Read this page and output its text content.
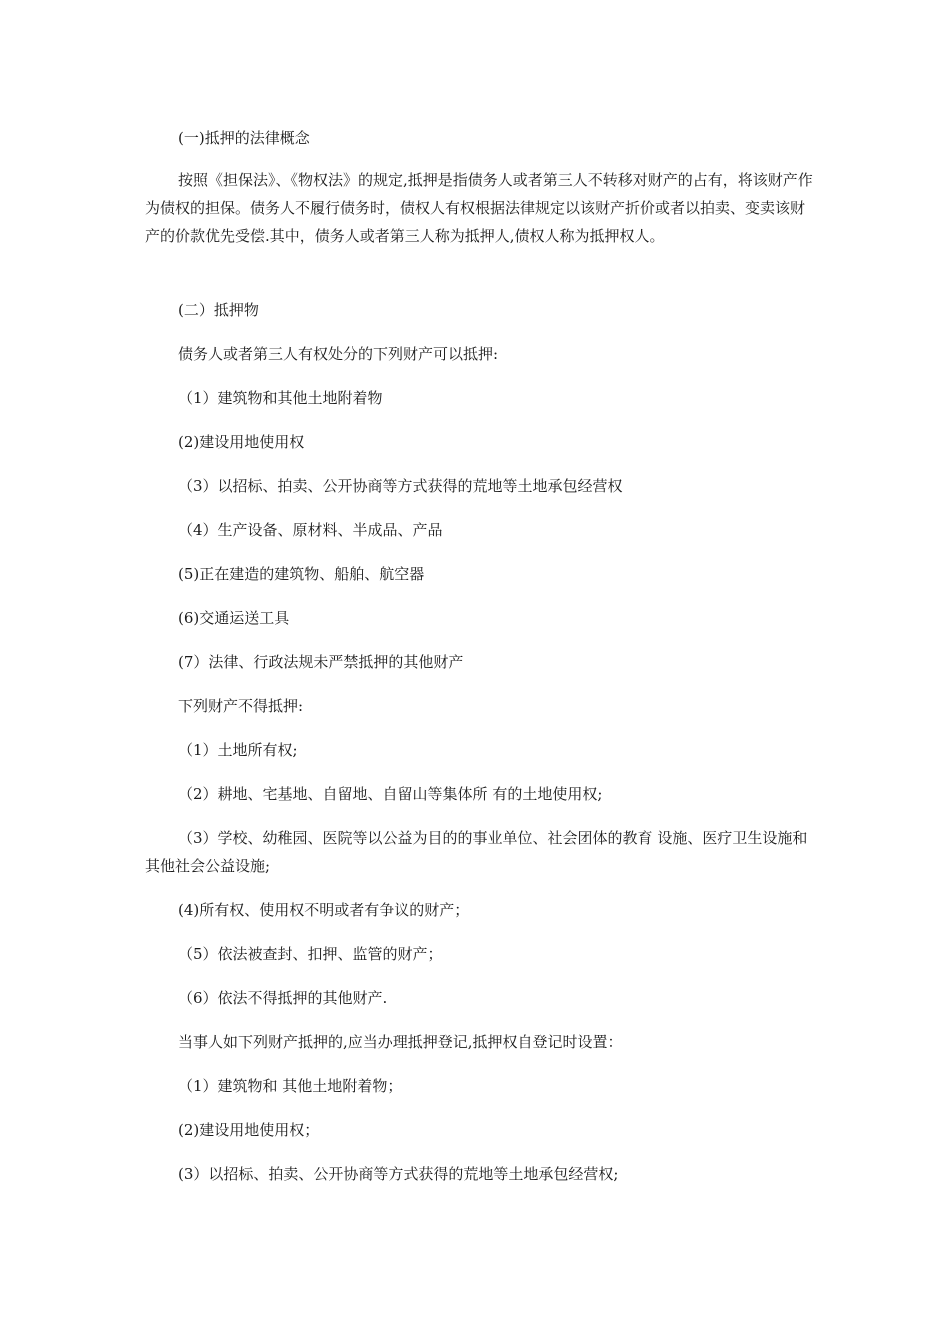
(一)抵押的法律概念

按照《担保法》、《物权法》的规定,抵押是指债务人或者第三人不转移对财产的占有，将该财产作为债权的担保。债务人不履行债务时，债权人有权根据法律规定以该财产折价或者以拍卖、变卖该财产的价款优先受偿.其中，债务人或者第三人称为抵押人,债权人称为抵押权人。

(二）抵押物

债务人或者第三人有权处分的下列财产可以抵押:

（1）建筑物和其他土地附着物

(2)建设用地使用权

（3）以招标、拍卖、公开协商等方式获得的荒地等土地承包经营权

（4）生产设备、原材料、半成品、产品

(5)正在建造的建筑物、船舶、航空器

(6)交通运送工具

(7）法律、行政法规未严禁抵押的其他财产

下列财产不得抵押:

（1）土地所有权;

（2）耕地、宅基地、自留地、自留山等集体所 有的土地使用权;

（3）学校、幼稚园、医院等以公益为目的的事业单位、社会团体的教育 设施、医疗卫生设施和其他社会公益设施;

(4)所有权、使用权不明或者有争议的财产；

（5）依法被查封、扣押、监管的财产；

（6）依法不得抵押的其他财产.

当事人如下列财产抵押的,应当办理抵押登记,抵押权自登记时设置：

（1）建筑物和 其他土地附着物；

(2)建设用地使用权；

(3）以招标、拍卖、公开协商等方式获得的荒地等土地承包经营权;
